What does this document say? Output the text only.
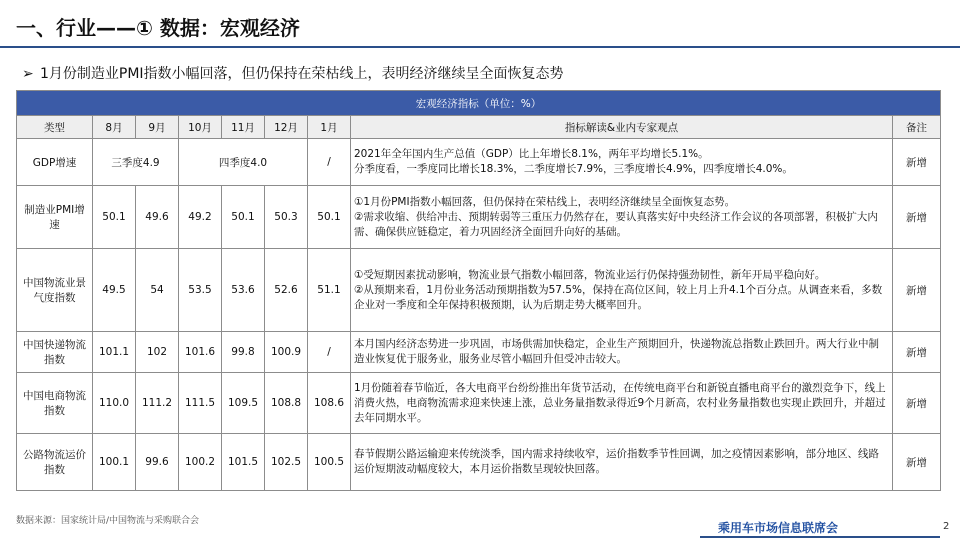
一、行业——① 数据：宏观经济
➢ 1月份制造业PMI指数小幅回落，但仍保持在荣枯线上，表明经济继续呈全面恢复态势
宏观经济指标（单位：%）								
类型	8月	9月	10月	11月	12月	1月	指标解读&业内专家观点	备注
GDP增速	三季度4.9		四季度4.0			/	2021年全年国内生产总值（GDP）比上年增长8.1%，两年平均增长5.1%。
分季度看，一季度同比增长18.3%，二季度增长7.9%，三季度增长4.9%，四季度增长4.0%。	新增
制造业PMI增速	50.1	49.6	49.2	50.1	50.3	50.1	①1月份PMI指数小幅回落，但仍保持在荣枯线上，表明经济继续呈全面恢复态势。
②需求收缩、供给冲击、预期转弱等三重压力仍然存在，要认真落实好中央经济工作会议的各项部署，积极扩大内需、确保供应链稳定，着力巩固经济全面回升向好的基础。	新增
中国物流业景气度指数	49.5	54	53.5	53.6	52.6	51.1	①受短期因素扰动影响，物流业景气指数小幅回落，物流业运行仍保持强劲韧性，新年开局平稳向好。
②从预期来看，1月份业务活动预期指数为57.5%，保持在高位区间，较上月上升4.1个百分点。从调查来看，多数企业对一季度和全年保持积极预期，认为后期走势大概率回升。	新增
中国快递物流指数	101.1	102	101.6	99.8	100.9	/	本月国内经济态势进一步巩固，市场供需加快稳定，企业生产预期回升，快递物流总指数止跌回升。两大行业中制造业恢复优于服务业，服务业尽管小幅回升但受冲击较大。	新增
中国电商物流指数	110.0	111.2	111.5	109.5	108.8	108.6	1月份随着春节临近，各大电商平台纷纷推出年货节活动，在传统电商平台和新锐直播电商平台的激烈竞争下，线上消费火热，电商物流需求迎来快速上涨，总业务量指数录得近9个月新高，农村业务量指数也实现止跌回升，并超过去年同期水平。	新增
公路物流运价指数	100.1	99.6	100.2	101.5	102.5	100.5	春节假期公路运输迎来传统淡季，国内需求持续收窄，运价指数季节性回调，加之疫情因素影响，部分地区、线路运价短期波动幅度较大，本月运价指数呈现较快回落。	新增
数据来源：国家统计局/中国物流与采购联合会	乘用车市场信息联席会	2
